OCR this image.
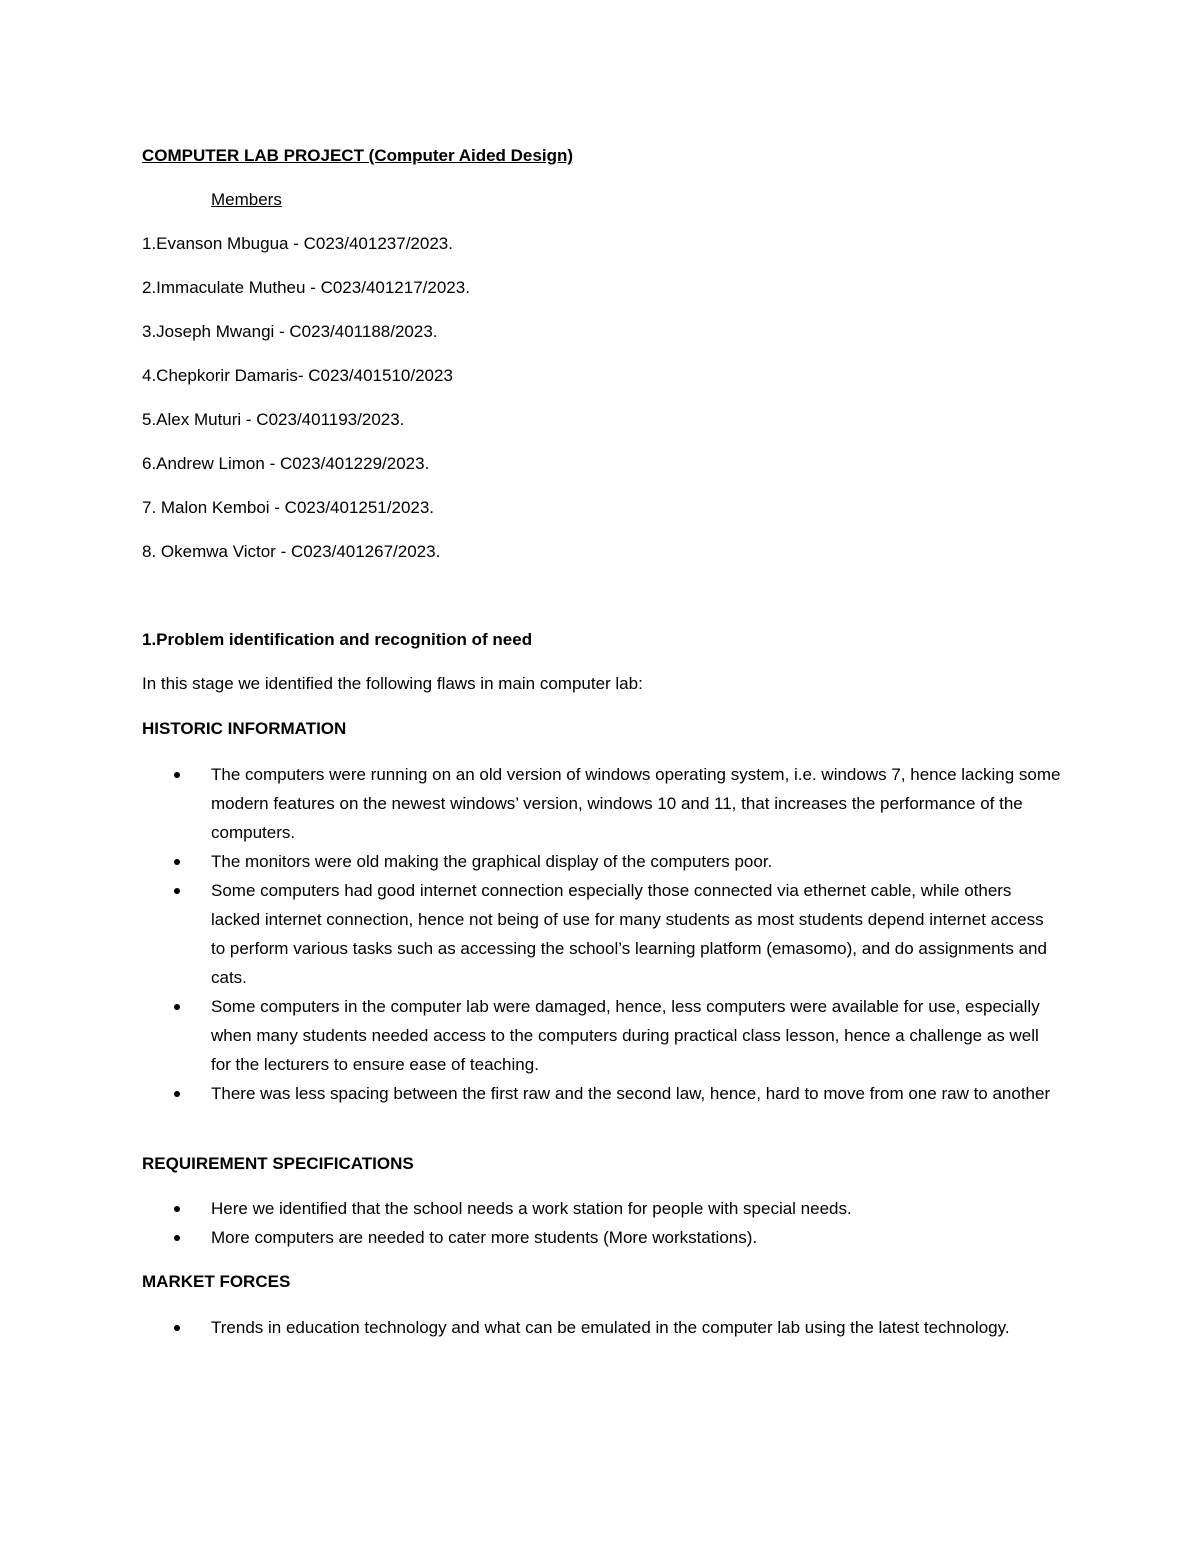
COMPUTER LAB PROJECT (Computer Aided Design)
Members
1.Evanson Mbugua - C023/401237/2023.
2.Immaculate Mutheu - C023/401217/2023.
3.Joseph Mwangi - C023/401188/2023.
4.Chepkorir Damaris- C023/401510/2023
5.Alex Muturi - C023/401193/2023.
6.Andrew Limon - C023/401229/2023.
7. Malon Kemboi - C023/401251/2023.
8. Okemwa Victor - C023/401267/2023.
1.Problem identification and recognition of need
In this stage we identified the following flaws in main computer lab:
HISTORIC INFORMATION
The computers were running on an old version of windows operating system, i.e. windows 7, hence lacking some modern features on the newest windows’ version, windows 10 and 11, that increases the performance of the computers.
The monitors were old making the graphical display of the computers poor.
Some computers had good internet connection especially those connected via ethernet cable, while others lacked internet connection, hence not being of use for many students as most students depend internet access to perform various tasks such as accessing the school’s learning platform (emasomo), and do assignments and cats.
Some computers in the computer lab were damaged, hence, less computers were available for use, especially when many students needed access to the computers during practical class lesson, hence a challenge as well for the lecturers to ensure ease of teaching.
There was less spacing between the first raw and the second law, hence, hard to move from one raw to another
REQUIREMENT SPECIFICATIONS
Here we identified that the school needs a work station for people with special needs.
More computers are needed to cater more students (More workstations).
MARKET FORCES
Trends in education technology and what can be emulated in the computer lab using the latest technology.
